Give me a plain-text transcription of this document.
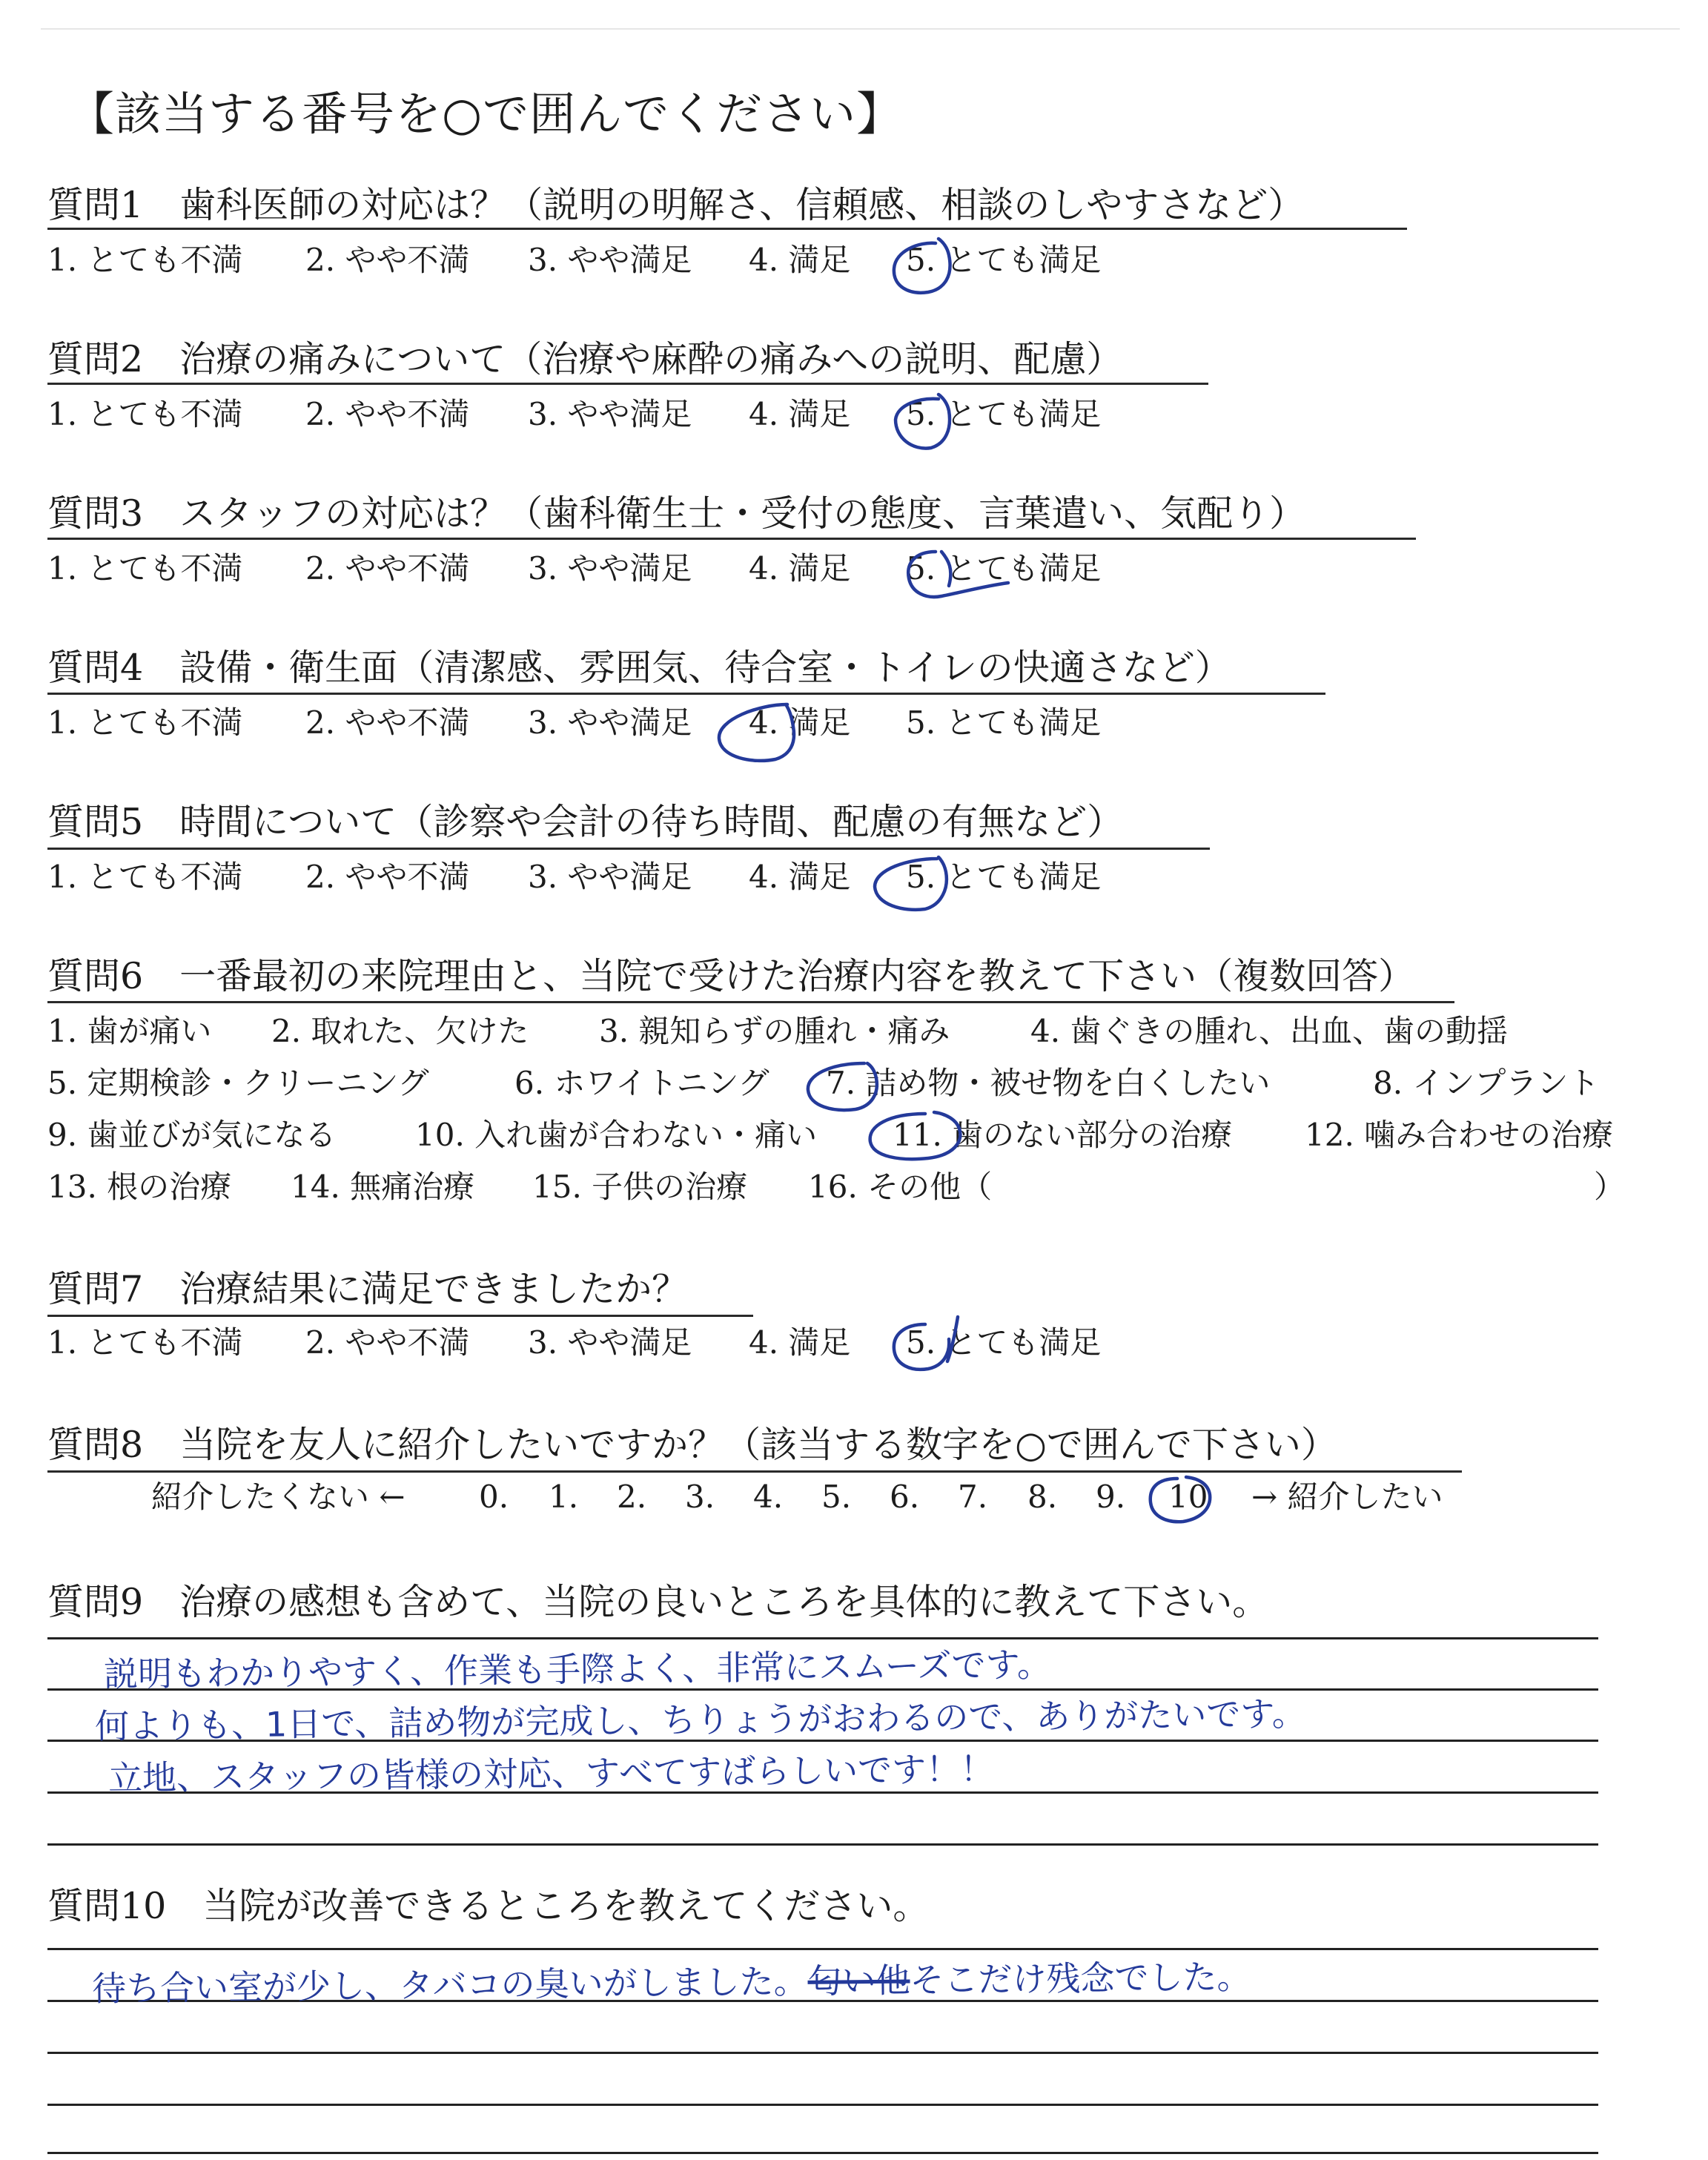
【該当する番号を○で囲んでください】
質問1　歯科医師の対応は？（説明の明解さ、信頼感、相談のしやすさなど）
1. とても不満 2. やや不満 3. やや満足 4. 満足 5. とても満足
質問2　治療の痛みについて（治療や麻酔の痛みへの説明、配慮）
1. とても不満 2. やや不満 3. やや満足 4. 満足 5. とても満足
質問3　スタッフの対応は？（歯科衛生士・受付の態度、言葉遣い、気配り）
1. とても不満 2. やや不満 3. やや満足 4. 満足 5. とても満足
質問4　設備・衛生面（清潔感、雰囲気、待合室・トイレの快適さなど）
1. とても不満 2. やや不満 3. やや満足 4. 満足 5. とても満足
質問5　時間について（診察や会計の待ち時間、配慮の有無など）
1. とても不満 2. やや不満 3. やや満足 4. 満足 5. とても満足
質問6　一番最初の来院理由と、当院で受けた治療内容を教えて下さい（複数回答）
1. 歯が痛い 2. 取れた、欠けた 3. 親知らずの腫れ・痛み	4. 歯ぐきの腫れ、出血、歯の動揺
5. 定期検診・クリーニング	6. ホワイトニング 7. 詰め物・被せ物を白くしたい	8. インプラント
9. 歯並びが気になる	10. 入れ歯が合わない・痛い 11. 歯のない部分の治療 12. 噛み合わせの治療
13. 根の治療 14. 無痛治療 15. 子供の治療 16. その他（	）
質問7　治療結果に満足できましたか？
1. とても不満 2. やや不満 3. やや満足 4. 満足 5. とても満足
質問8　当院を友人に紹介したいですか？（該当する数字を○で囲んで下さい）
紹介したくない ← 0. 1. 2. 3. 4. 5. 6. 7. 8. 9. 10 → 紹介したい
質問9　治療の感想も含めて、当院の良いところを具体的に教えて下さい。
説明もわかりやすく、作業も手際よく、非常にスムーズです。
何よりも、1日で、詰め物が完成し、ちりょうがおわるので、ありがたいです。
立地、スタッフの皆様の対応、すべてすばらしいです！！
質問10　当院が改善できるところを教えてください。
待ち合い室が少し、タバコの臭いがしました。匂い他そこだけ残念でした。
